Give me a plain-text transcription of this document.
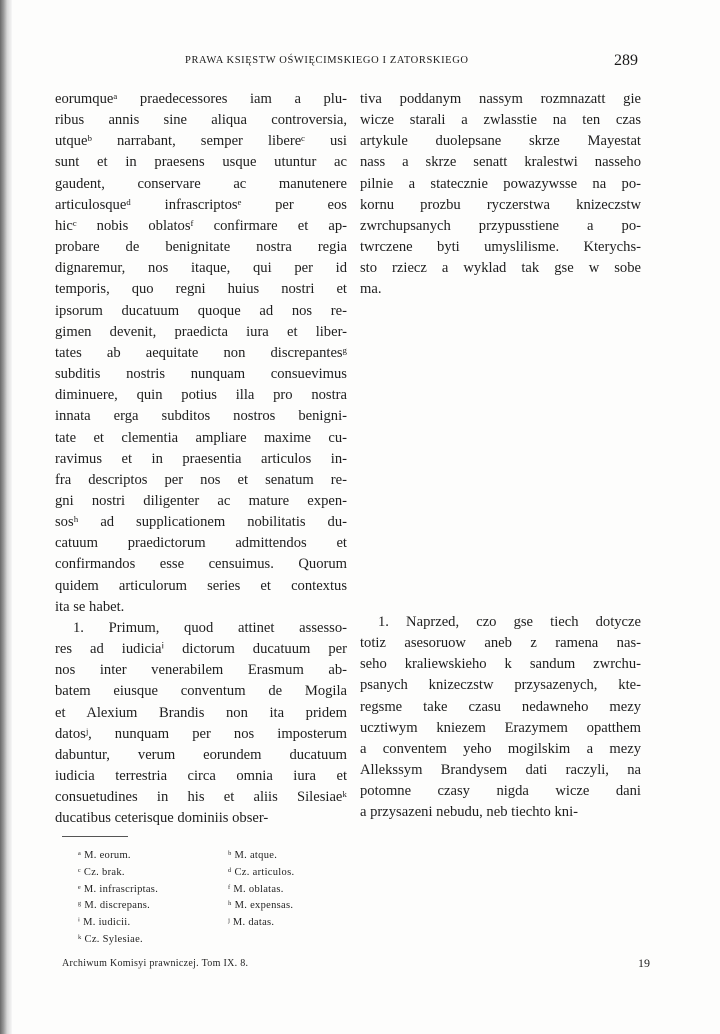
PRAWA KSIĘSTW OŚWIĘCIMSKIEGO I ZATORSKIEGO	289
eorumqueᵃ praedecessores iam a plu-
ribus annis sine aliqua controversia,
utqueᵇ narrabant, semper libereᶜ usi
sunt et in praesens usque utuntur ac
gaudent, conservare ac manutenere
articulosqueᵈ infrascriptosᵉ per eos
hicᶜ nobis oblatosᶠ confirmare et ap-
probare de benignitate nostra regia
dignaremur, nos itaque, qui per id
temporis, quo regni huius nostri et
ipsorum ducatuum quoque ad nos re-
gimen devenit, praedicta iura et liber-
tates ab aequitate non discrepantesᵍ
subditis nostris nunquam consuevimus
diminuere, quin potius illa pro nostra
innata erga subditos nostros benigni-
tate et clementia ampliare maxime cu-
ravimus et in praesentia articulos in-
fra descriptos per nos et senatum re-
gni nostri diligenter ac mature expen-
sosʰ ad supplicationem nobilitatis du-
catuum praedictorum admittendos et
confirmandos esse censuimus. Quorum
quidem articulorum series et contextus
ita se habet.
1. Primum, quod attinet assesso-
res ad iudiciaⁱ dictorum ducatuum per
nos inter venerabilem Erasmum ab-
batem eiusque conventum de Mogila
et Alexium Brandis non ita pridem
datosʲ, nunquam per nos imposterum
dabuntur, verum eorundem ducatuum
iudicia terrestria circa omnia iura et
consuetudines in his et aliis Silesiaeᵏ
ducatibus ceterisque dominiis obser-
tiva poddanym nassym rozmnazatt gie
wicze starali a zwlasstie na ten czas
artykule duolepsane skrze Mayestat
nass a skrze senatt kralestwi nasseho
pilnie a statecznie powazywsse na po-
kornu prozbu ryczerstwa knizeczstw
zwrchupsanych przypusstiene a po-
twrczene byti umyslilisme. Kterychs-
sto rziecz a wyklad tak gse w sobe
ma.
1. Naprzed, czo gse tiech dotycze
totiz asesoruow aneb z ramena nas-
seho kraliewskieho k sandum zwrchu-
psanych knizeczstw przysazenych, kte-
regsme take czasu nedawneho mezy
ucztiwym kniezem Erazymem opatthem
a conventem yeho mogilskim a mezy
Allekssym Brandysem dati raczyli, na
potomne czasy nigda wicze dani
a przysazeni nebudu, neb tiechto kni-
ᵃ M. eorum.
ᶜ Cz. brak.
ᵉ M. infrascriptas.
ᵍ M. discrepans.
ⁱ M. iudicii.
ᵏ Cz. Sylesiae.
ᵇ M. atque.
ᵈ Cz. articulos.
ᶠ M. oblatas.
ʰ M. expensas.
ʲ M. datas.
Archiwum Komisyi prawniczej. Tom IX. 8.	19
